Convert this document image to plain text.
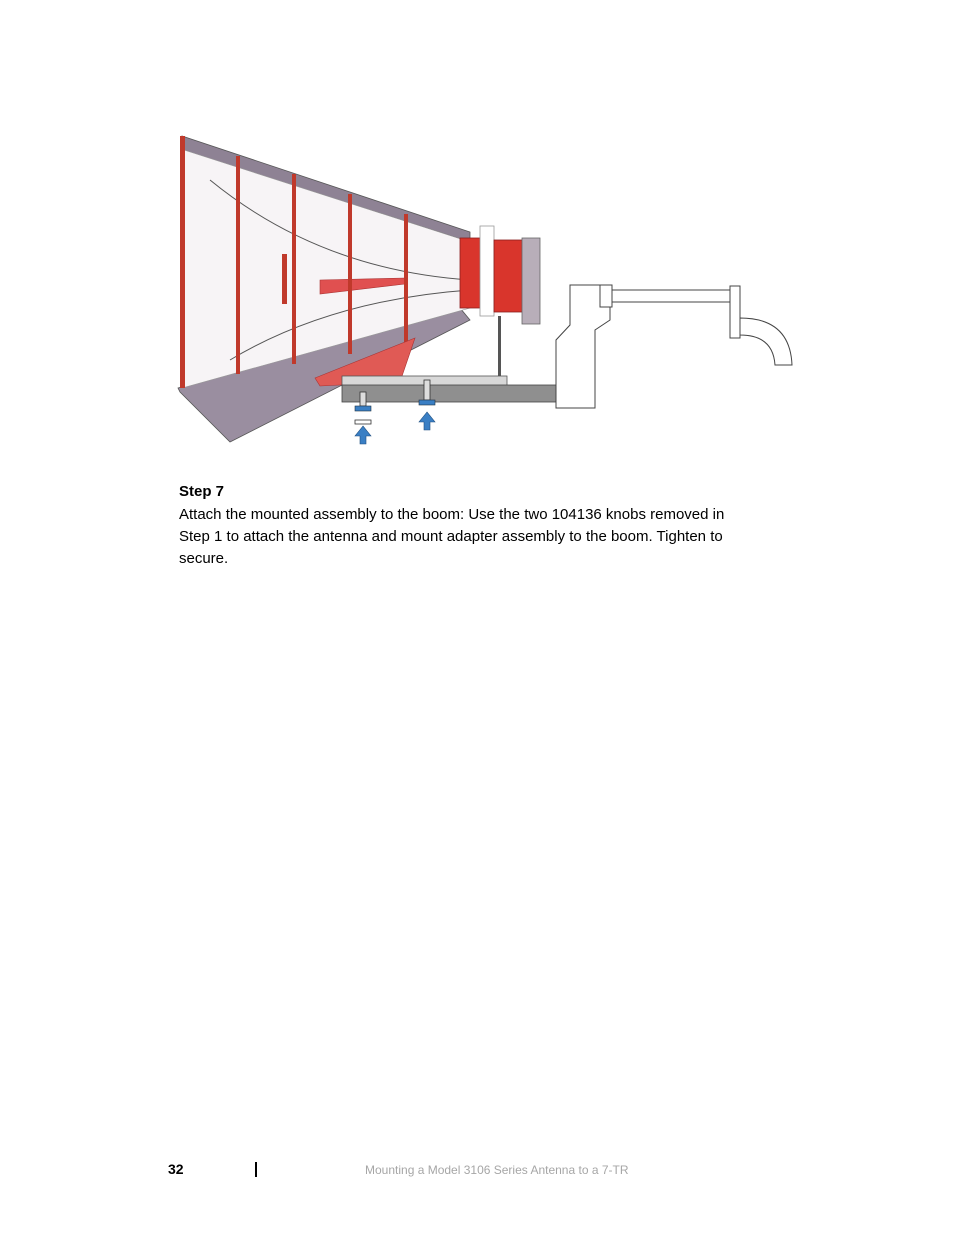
Step 7

Attach the mounted assembly to the boom: Use the two 104136 knobs removed in Step 1 to attach the antenna and mount adapter assembly to the boom. Tighten to secure.

32	Mounting a Model 3106 Series Antenna to a 7-TR
